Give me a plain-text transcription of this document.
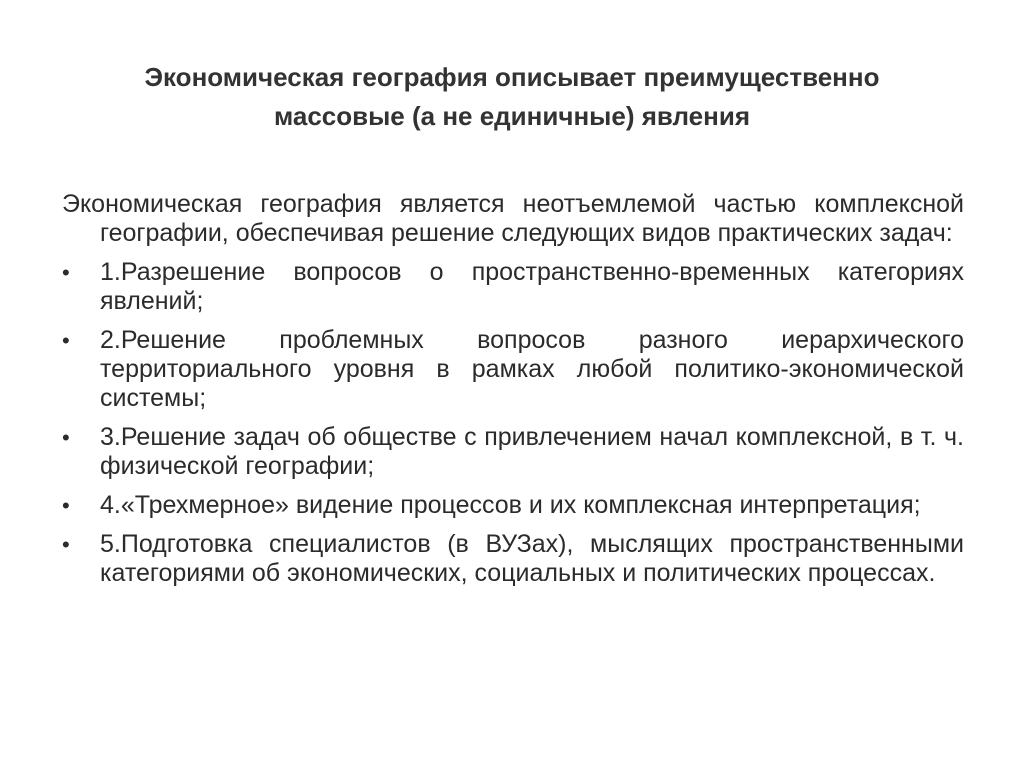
Экономическая география описывает преимущественно
массовые (а не единичные) явления

Экономическая география является неотъемлемой частью комплексной географии, обеспечивая решение следующих видов практических задач:

•	1.Разрешение вопросов о пространственно-временных категориях явлений;
•	2.Решение проблемных вопросов разного иерархического территориального уровня в рамках любой политико-экономической системы;
•	3.Решение задач об обществе с привлечением начал комплексной, в т. ч. физической географии;
•	4.«Трехмерное» видение процессов и их комплексная интерпретация;
•	5.Подготовка специалистов (в ВУЗах), мыслящих пространственными категориями об экономических, социальных и политических процессах.
